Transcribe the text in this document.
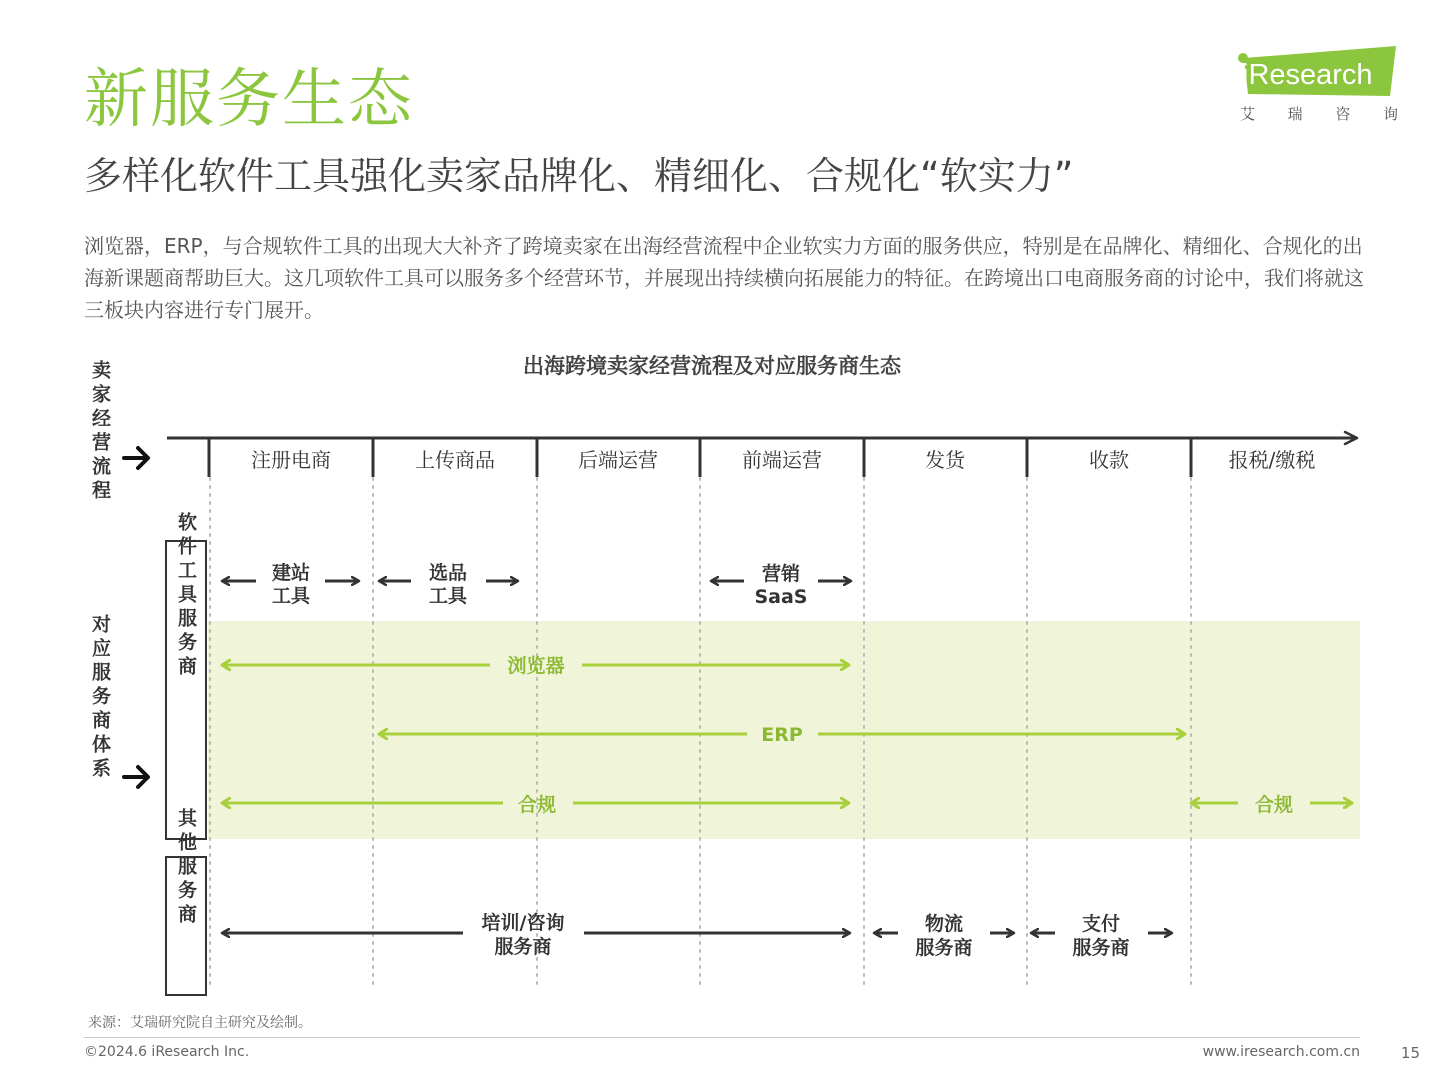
新服务生态
多样化软件工具强化卖家品牌化、精细化、合规化“软实力”
iResearch
艾 瑞 咨 询
浏览器，ERP，与合规软件工具的出现大大补齐了跨境卖家在出海经营流程中企业软实力方面的服务供应，特别是在品牌化、精细化、合规化的出海新课题商帮助巨大。这几项软件工具可以服务多个经营环节，并展现出持续横向拓展能力的特征。在跨境出口电商服务商的讨论中，我们将就这三板块内容进行专门展开。
出海跨境卖家经营流程及对应服务商生态
注册电商	上传商品	后端运营	前端运营	发货	收款	报税/缴税
卖家经营流程
对应服务商体系
软件工具服务商
其他服务商
建站
工具
选品
工具
营销
SaaS
浏览器
ERP
合规	合规
培训/咨询
服务商
物流
服务商
支付
服务商
来源：艾瑞研究院自主研究及绘制。
©2024.6 iResearch Inc.	www.iresearch.com.cn	15
